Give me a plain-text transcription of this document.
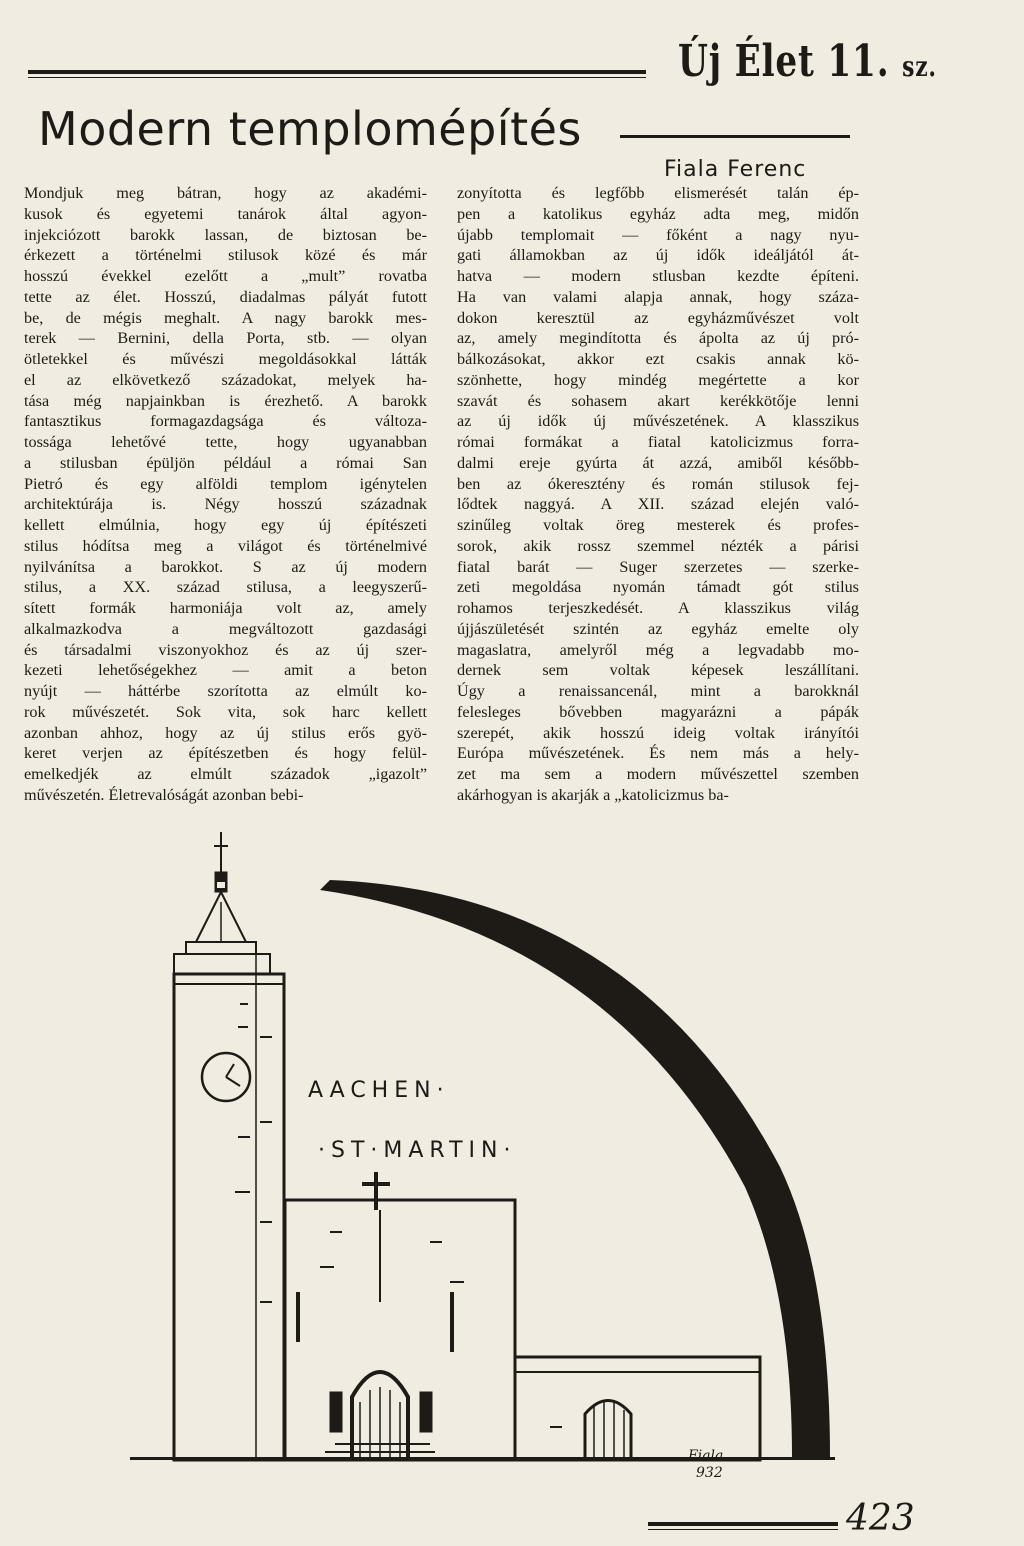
Új Élet 11. sz.
Modern templomépítés
Fiala Ferenc
Mondjuk meg bátran, hogy az akadémi-
kusok és egyetemi tanárok által agyon-
injekciózott barokk lassan, de biztosan be-
érkezett a történelmi stilusok közé és már
hosszú évekkel ezelőtt a „mult” rovatba
tette az élet. Hosszú, diadalmas pályát futott
be, de mégis meghalt. A nagy barokk mes-
terek — Bernini, della Porta, stb. — olyan
ötletekkel és művészi megoldásokkal látták
el az elkövetkező századokat, melyek ha-
tása még napjainkban is érezhető. A barokk
fantasztikus formagazdagsága és változa-
tossága lehetővé tette, hogy ugyanabban
a stilusban épüljön például a római San
Pietró és egy alföldi templom igénytelen
architektúrája is. Négy hosszú századnak
kellett elmúlnia, hogy egy új építészeti
stilus hódítsa meg a világot és történelmivé
nyilvánítsa a barokkot. S az új modern
stilus, a XX. század stilusa, a leegyszerű-
sített formák harmoniája volt az, amely
alkalmazkodva a megváltozott gazdasági
és társadalmi viszonyokhoz és az új szer-
kezeti lehetőségekhez — amit a beton
nyújt — háttérbe szorította az elmúlt ko-
rok művészetét. Sok vita, sok harc kellett
azonban ahhoz, hogy az új stilus erős gyö-
keret verjen az építészetben és hogy felül-
emelkedjék az elmúlt századok „igazolt”
művészetén. Életrevalóságát azonban bebi-
zonyította és legfőbb elismerését talán ép-
pen a katolikus egyház adta meg, midőn
újabb templomait — főként a nagy nyu-
gati államokban az új idők ideáljától át-
hatva — modern stlusban kezdte építeni.
Ha van valami alapja annak, hogy száza-
dokon keresztül az egyházművészet volt
az, amely megindította és ápolta az új pró-
bálkozásokat, akkor ezt csakis annak kö-
szönhette, hogy mindég megértette a kor
szavát és sohasem akart kerékkötője lenni
az új idők új művészetének. A klasszikus
római formákat a fiatal katolicizmus forra-
dalmi ereje gyúrta át azzá, amiből később-
ben az ókeresztény és román stilusok fej-
lődtek naggyá. A XII. század elején való-
szinűleg voltak öreg mesterek és profes-
sorok, akik rossz szemmel nézték a párisi
fiatal barát — Suger szerzetes — szerke-
zeti megoldása nyomán támadt gót stilus
rohamos terjeszkedését. A klasszikus világ
újjászületését szintén az egyház emelte oly
magaslatra, amelyről még a legvadabb mo-
dernek sem voltak képesek leszállítani.
Úgy a renaissancenál, mint a barokknál
felesleges bővebben magyarázni a pápák
szerepét, akik hosszú ideig voltak irányítói
Európa művészetének. És nem más a hely-
zet ma sem a modern művészettel szemben
akárhogyan is akarják a „katolicizmus ba-
AACHEN·
·ST·MARTIN·
Fiala
932
423
